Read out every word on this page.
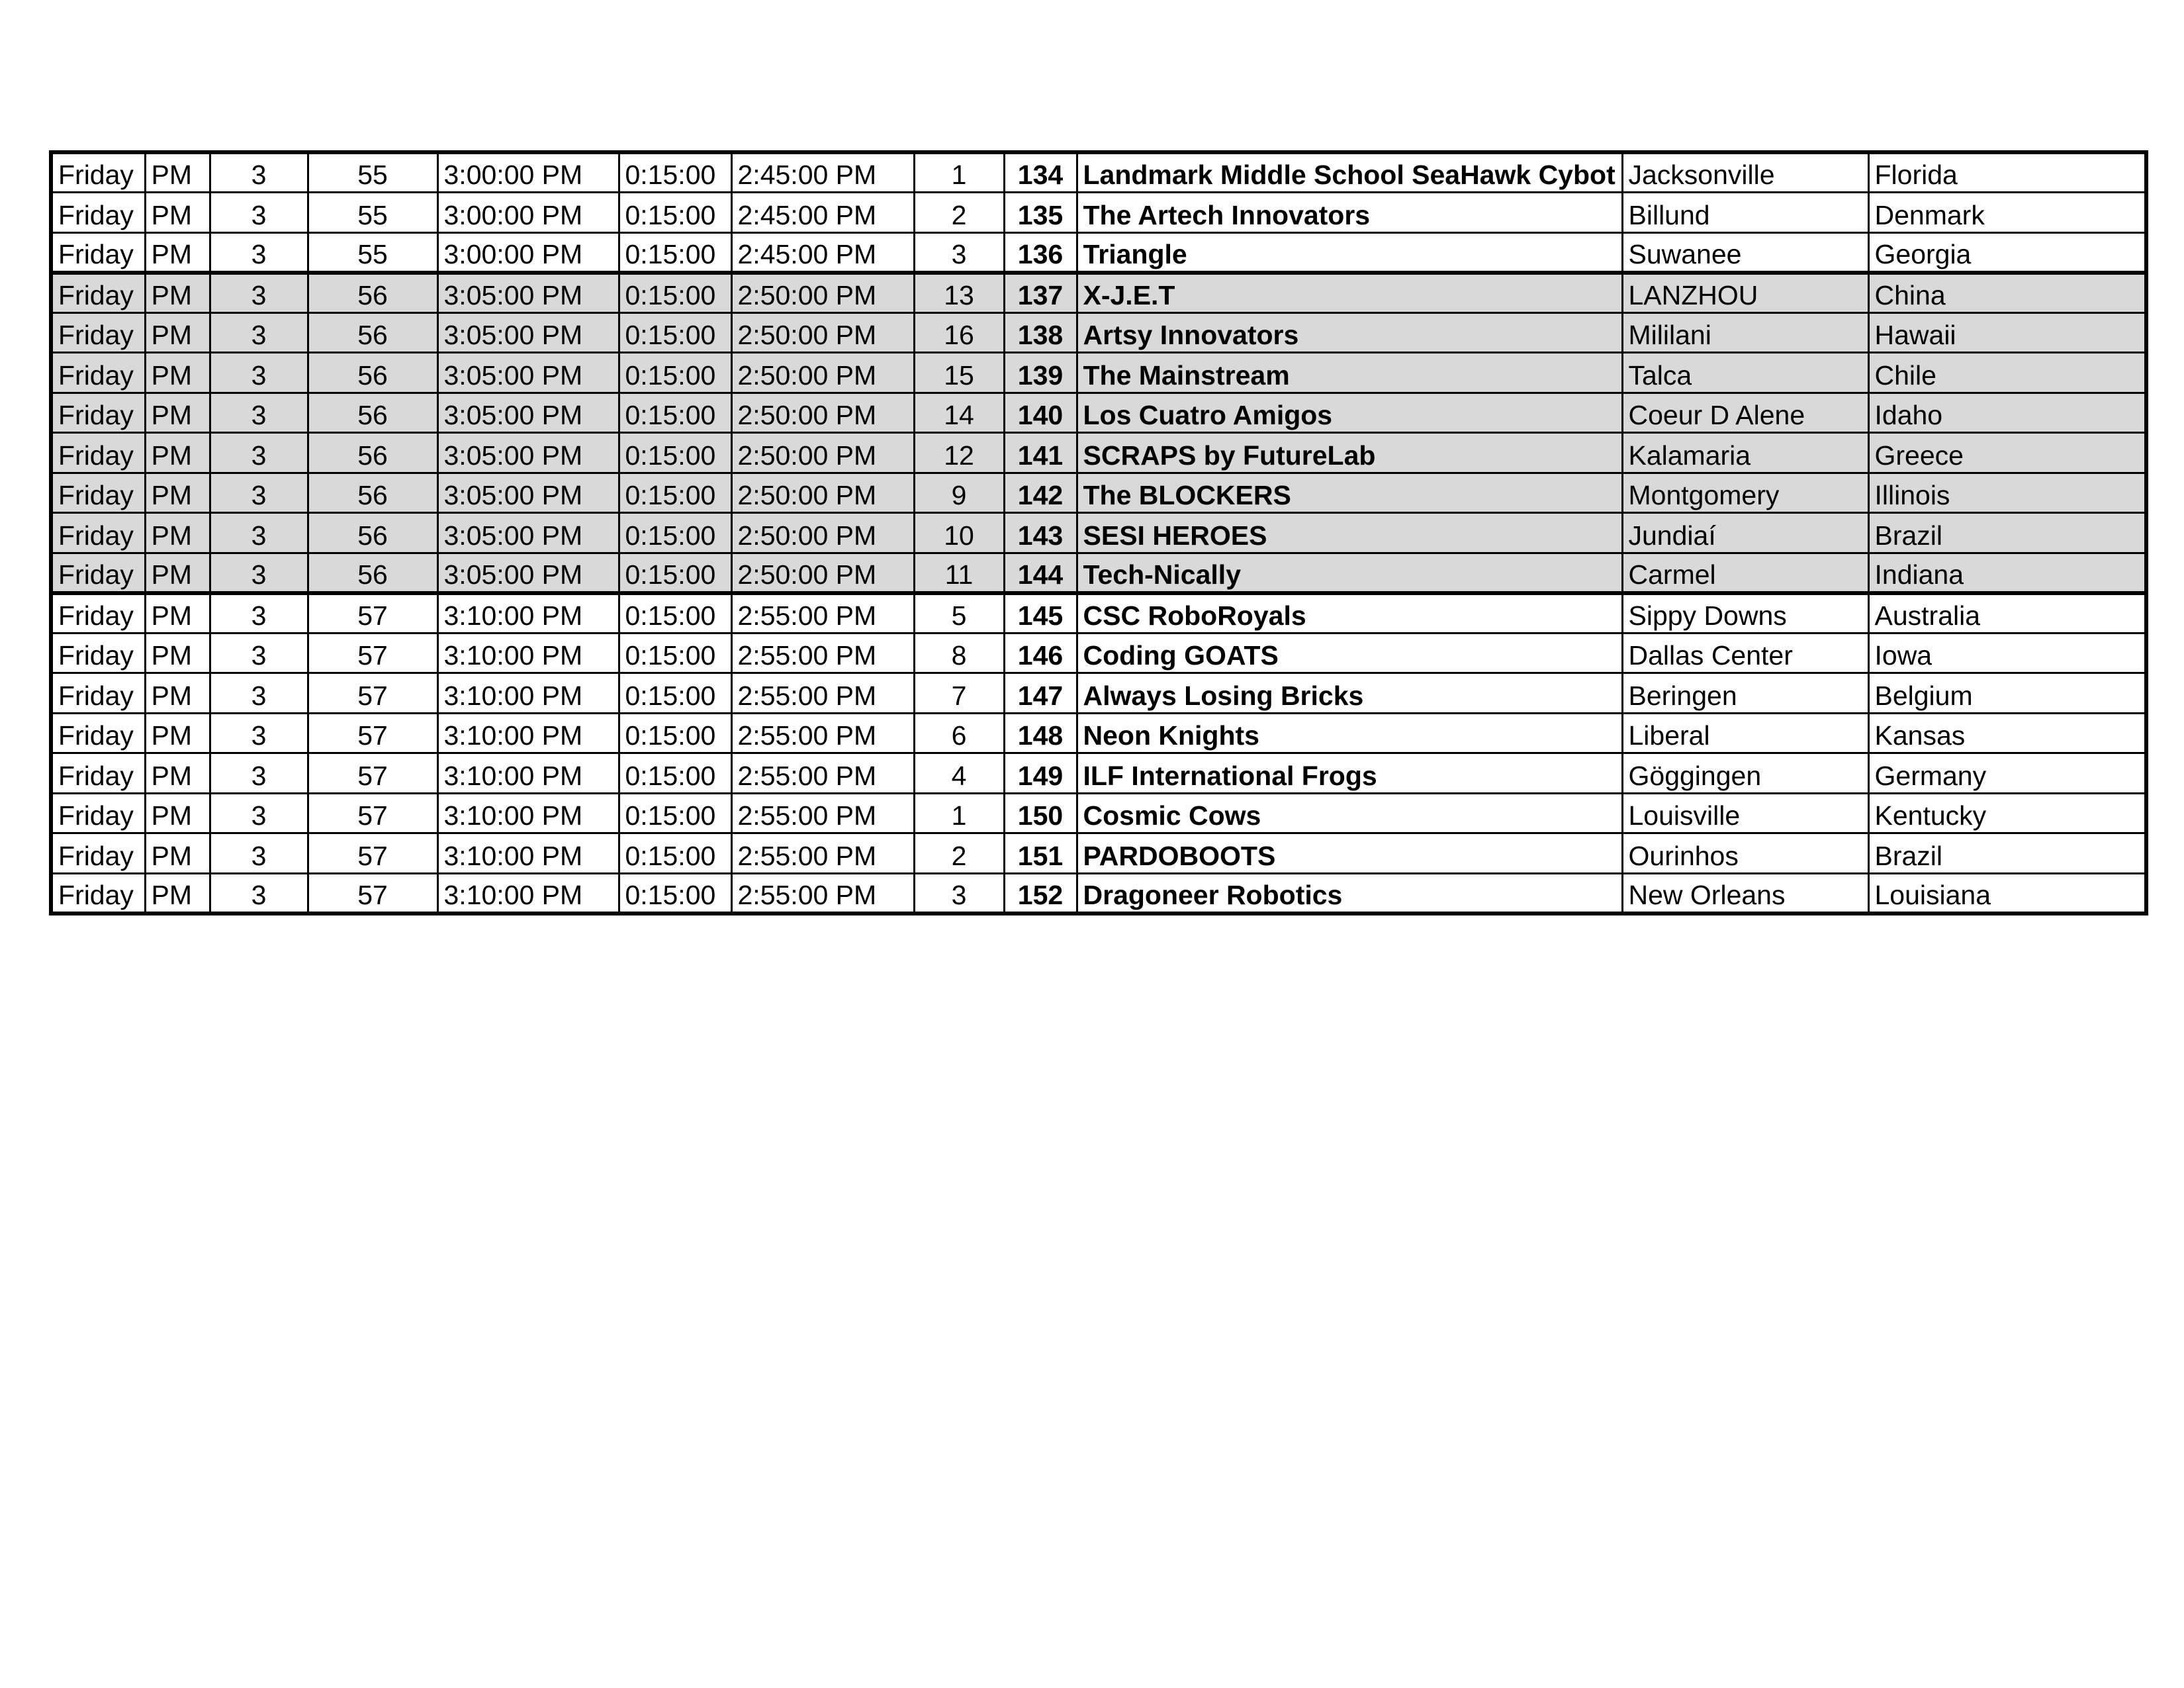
Friday	PM	3	55	3:00:00 PM	0:15:00	2:45:00 PM	1	134	Landmark Middle School SeaHawk Cybot	Jacksonville	Florida
Friday	PM	3	55	3:00:00 PM	0:15:00	2:45:00 PM	2	135	The Artech Innovators	Billund	Denmark
Friday	PM	3	55	3:00:00 PM	0:15:00	2:45:00 PM	3	136	Triangle	Suwanee	Georgia
Friday	PM	3	56	3:05:00 PM	0:15:00	2:50:00 PM	13	137	X-J.E.T	LANZHOU	China
Friday	PM	3	56	3:05:00 PM	0:15:00	2:50:00 PM	16	138	Artsy Innovators	Mililani	Hawaii
Friday	PM	3	56	3:05:00 PM	0:15:00	2:50:00 PM	15	139	The Mainstream	Talca	Chile
Friday	PM	3	56	3:05:00 PM	0:15:00	2:50:00 PM	14	140	Los Cuatro Amigos	Coeur D Alene	Idaho
Friday	PM	3	56	3:05:00 PM	0:15:00	2:50:00 PM	12	141	SCRAPS by FutureLab	Kalamaria	Greece
Friday	PM	3	56	3:05:00 PM	0:15:00	2:50:00 PM	9	142	The BLOCKERS	Montgomery	Illinois
Friday	PM	3	56	3:05:00 PM	0:15:00	2:50:00 PM	10	143	SESI HEROES	Jundiaí	Brazil
Friday	PM	3	56	3:05:00 PM	0:15:00	2:50:00 PM	11	144	Tech-Nically	Carmel	Indiana
Friday	PM	3	57	3:10:00 PM	0:15:00	2:55:00 PM	5	145	CSC RoboRoyals	Sippy Downs	Australia
Friday	PM	3	57	3:10:00 PM	0:15:00	2:55:00 PM	8	146	Coding GOATS	Dallas Center	Iowa
Friday	PM	3	57	3:10:00 PM	0:15:00	2:55:00 PM	7	147	Always Losing Bricks	Beringen	Belgium
Friday	PM	3	57	3:10:00 PM	0:15:00	2:55:00 PM	6	148	Neon Knights	Liberal	Kansas
Friday	PM	3	57	3:10:00 PM	0:15:00	2:55:00 PM	4	149	ILF International Frogs	Göggingen	Germany
Friday	PM	3	57	3:10:00 PM	0:15:00	2:55:00 PM	1	150	Cosmic Cows	Louisville	Kentucky
Friday	PM	3	57	3:10:00 PM	0:15:00	2:55:00 PM	2	151	PARDOBOOTS	Ourinhos	Brazil
Friday	PM	3	57	3:10:00 PM	0:15:00	2:55:00 PM	3	152	Dragoneer Robotics	New Orleans	Louisiana
